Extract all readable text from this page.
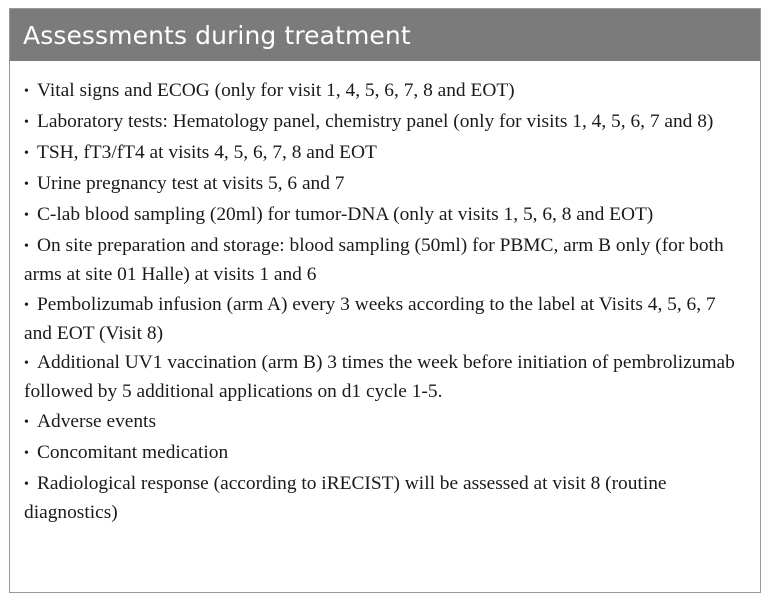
Assessments during treatment
• Vital signs and ECOG (only for visit 1, 4, 5, 6, 7, 8 and EOT)
• Laboratory tests: Hematology panel, chemistry panel (only for visits 1, 4, 5, 6, 7 and 8)
• TSH, fT3/fT4 at visits 4, 5, 6, 7, 8 and EOT
• Urine pregnancy test at visits 5, 6 and 7
• C-lab blood sampling (20ml) for tumor-DNA (only at visits 1, 5, 6, 8 and EOT)
• On site preparation and storage: blood sampling (50ml) for PBMC, arm B only (for both arms at site 01 Halle) at visits 1 and 6
• Pembolizumab infusion (arm A) every 3 weeks according to the label at Visits 4, 5, 6, 7 and EOT (Visit 8)
• Additional UV1 vaccination (arm B) 3 times the week before initiation of pembrolizumab followed by 5 additional applications on d1 cycle 1-5.
• Adverse events
• Concomitant medication
• Radiological response (according to iRECIST) will be assessed at visit 8 (routine diagnostics)
